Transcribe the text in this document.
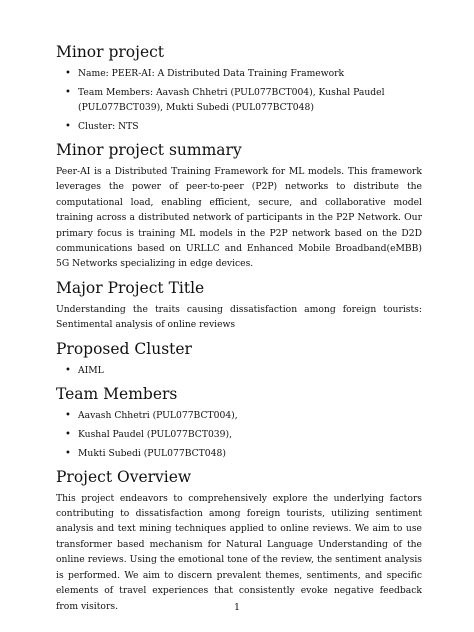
Minor project
• Name: PEER-AI: A Distributed Data Training Framework
• Team Members: Aavash Chhetri (PUL077BCT004), Kushal Paudel (PUL077BCT039), Mukti Subedi (PUL077BCT048)
• Cluster: NTS
Minor project summary

Peer-AI is a Distributed Training Framework for ML models. This framework leverages the power of peer-to-peer (P2P) networks to distribute the computational load, enabling efficient, secure, and collaborative model training across a distributed network of participants in the P2P Network. Our primary focus is training ML models in the P2P network based on the D2D communications based on URLLC and Enhanced Mobile Broadband(eMBB) 5G Networks specializing in edge devices.

Major Project Title

Understanding the traits causing dissatisfaction among foreign tourists: Sentimental analysis of online reviews

Proposed Cluster
• AIML
Team Members
• Aavash Chhetri (PUL077BCT004),
• Kushal Paudel (PUL077BCT039),
• Mukti Subedi (PUL077BCT048)
Project Overview

This project endeavors to comprehensively explore the underlying factors contributing to dissatisfaction among foreign tourists, utilizing sentiment analysis and text mining techniques applied to online reviews. We aim to use transformer based mechanism for Natural Language Understanding of the online reviews. Using the emotional tone of the review, the sentiment analysis is performed. We aim to discern prevalent themes, sentiments, and specific elements of travel experiences that consistently evoke negative feedback from visitors.	1
